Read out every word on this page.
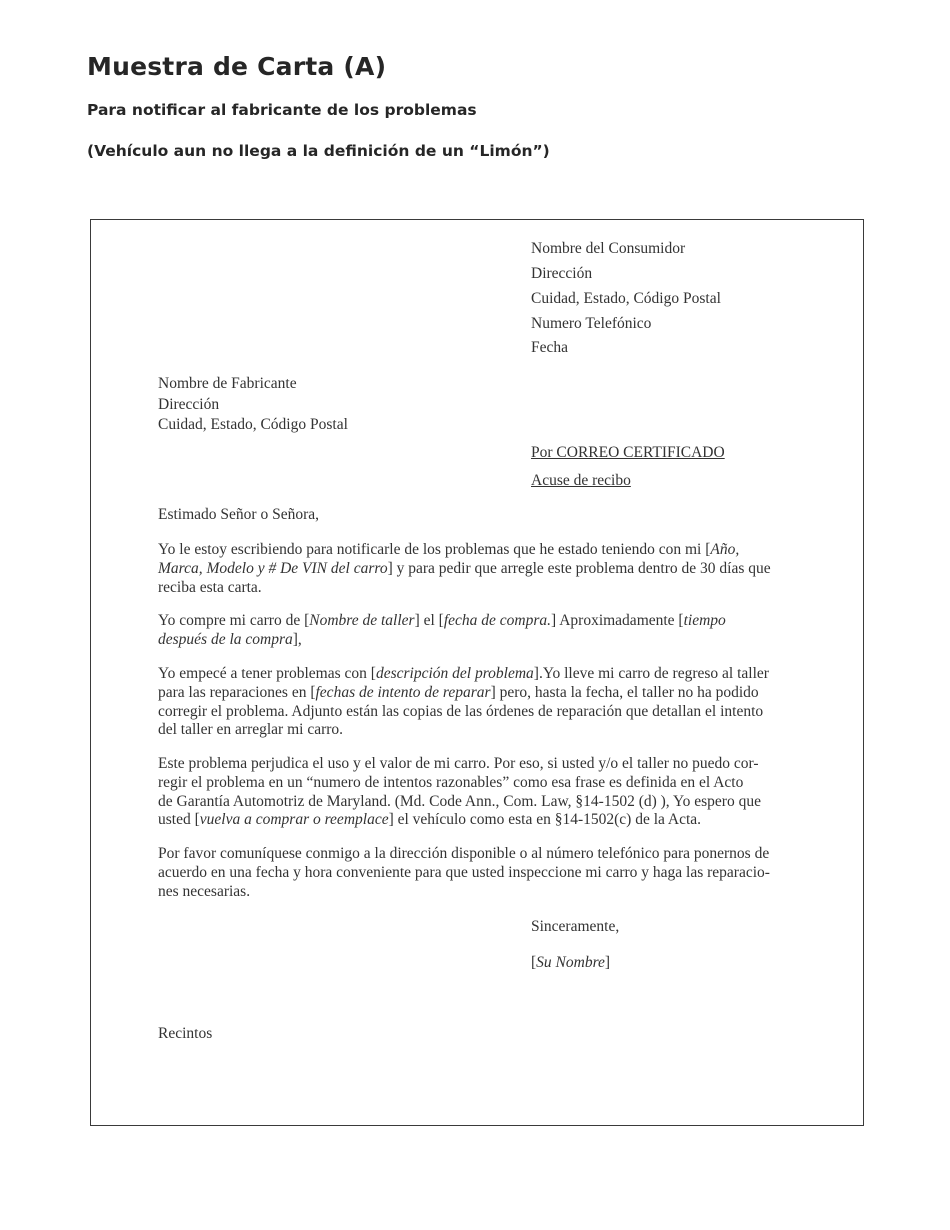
Muestra de Carta (A)
Para notificar al fabricante de los problemas
(Vehículo aun no llega a la definición de un “Limón”)
Nombre del Consumidor
Dirección
Cuidad, Estado, Código Postal
Numero Telefónico
Fecha
Nombre de Fabricante
Dirección
Cuidad, Estado, Código Postal
Por CORREO CERTIFICADO
Acuse de recibo
Estimado Señor o Señora,

Yo le estoy escribiendo para notificarle de los problemas que he estado teniendo con mi [Año,

Marca, Modelo y # De VIN del carro] y para pedir que arregle este problema dentro de 30 días que

reciba esta carta.

Yo compre mi carro de [Nombre de taller] el [fecha de compra.] Aproximadamente [tiempo

después de la compra],

Yo empecé a tener problemas con [descripción del problema].Yo lleve mi carro de regreso al taller

para las reparaciones en [fechas de intento de reparar] pero, hasta la fecha, el taller no ha podido

corregir el problema. Adjunto están las copias de las órdenes de reparación que detallan el intento

del taller en arreglar mi carro.

Este problema perjudica el uso y el valor de mi carro. Por eso, si usted y/o el taller no puedo cor-

regir el problema en un “numero de intentos razonables” como esa frase es definida en el Acto

de Garantía Automotriz de Maryland. (Md. Code Ann., Com. Law, §14-1502 (d) ), Yo espero que

usted [vuelva a comprar o reemplace] el vehículo como esta en §14-1502(c) de la Acta.

Por favor comuníquese conmigo a la dirección disponible o al número telefónico para ponernos de

acuerdo en una fecha y hora conveniente para que usted inspeccione mi carro y haga las reparacio-

nes necesarias.

Sinceramente,
[Su Nombre]
Recintos
